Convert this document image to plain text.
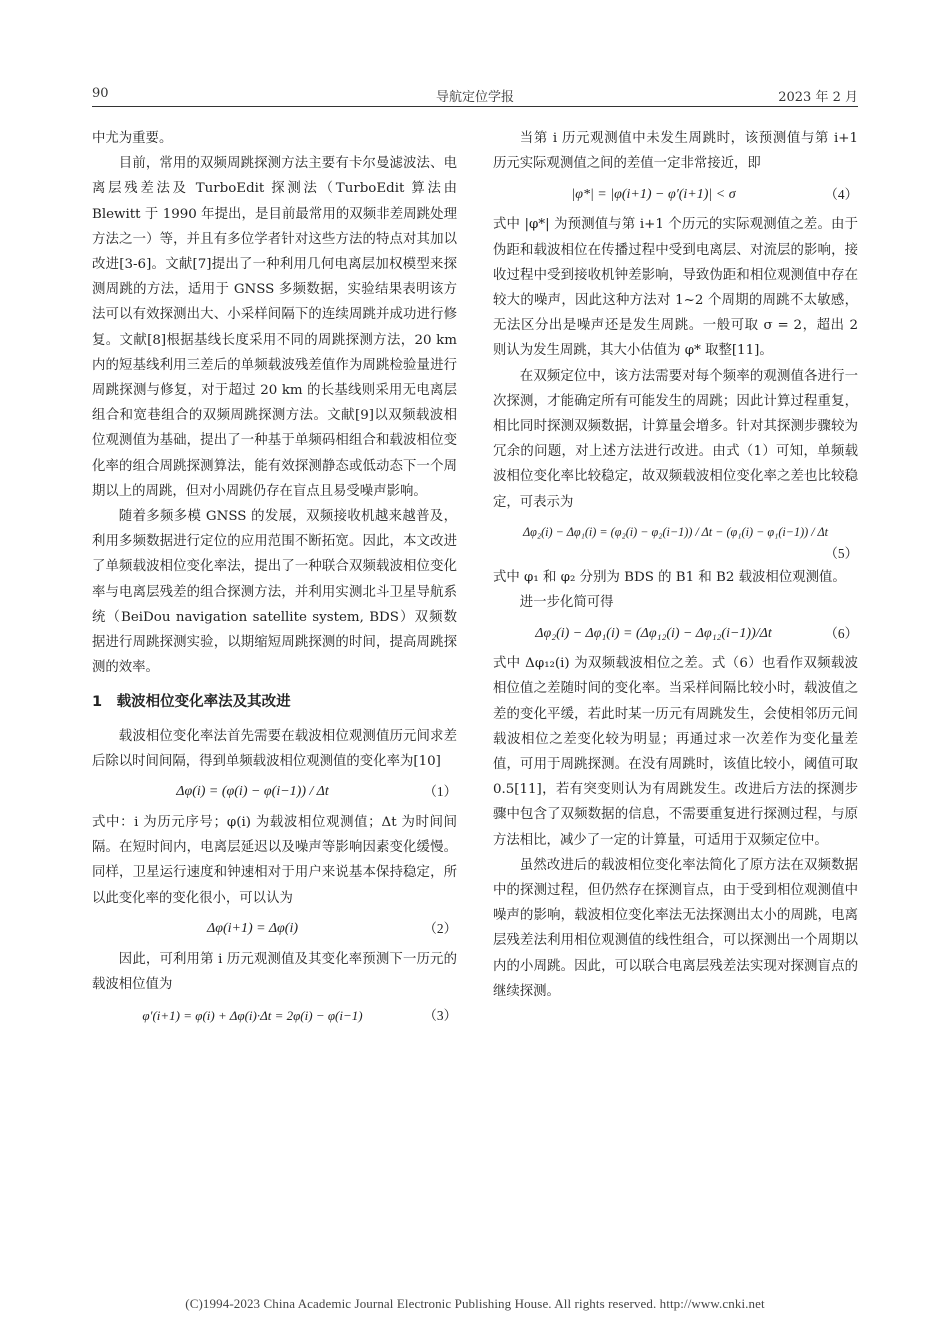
90	导航定位学报	2023 年 2 月

中尤为重要。

目前，常用的双频周跳探测方法主要有卡尔曼滤波法、电离层残差法及 TurboEdit 探测法（TurboEdit 算法由 Blewitt 于 1990 年提出，是目前最常用的双频非差周跳处理方法之一）等，并且有多位学者针对这些方法的特点对其加以改进[3-6]。文献[7]提出了一种利用几何电离层加权模型来探测周跳的方法，适用于 GNSS 多频数据，实验结果表明该方法可以有效探测出大、小采样间隔下的连续周跳并成功进行修复。文献[8]根据基线长度采用不同的周跳探测方法，20 km 内的短基线利用三差后的单频载波残差值作为周跳检验量进行周跳探测与修复，对于超过 20 km 的长基线则采用无电离层组合和宽巷组合的双频周跳探测方法。文献[9]以双频载波相位观测值为基础，提出了一种基于单频码相组合和载波相位变化率的组合周跳探测算法，能有效探测静态或低动态下一个周期以上的周跳，但对小周跳仍存在盲点且易受噪声影响。

随着多频多模 GNSS 的发展，双频接收机越来越普及，利用多频数据进行定位的应用范围不断拓宽。因此，本文改进了单频载波相位变化率法，提出了一种联合双频载波相位变化率与电离层残差的组合探测方法，并利用实测北斗卫星导航系统（BeiDou navigation satellite system, BDS）双频数据进行周跳探测实验，以期缩短周跳探测的时间，提高周跳探测的效率。

1　载波相位变化率法及其改进

载波相位变化率法首先需要在载波相位观测值历元间求差后除以时间间隔，得到单频载波相位观测值的变化率为[10]

Δφ(i) = (φ(i) − φ(i−1)) / Δt	（1）

式中：i 为历元序号；φ(i) 为载波相位观测值；Δt 为时间间隔。在短时间内，电离层延迟以及噪声等影响因素变化缓慢。同样，卫星运行速度和钟速相对于用户来说基本保持稳定，所以此变化率的变化很小，可以认为

Δφ(i+1) = Δφ(i)	（2）

因此，可利用第 i 历元观测值及其变化率预测下一历元的载波相位值为

φ′(i+1) = φ(i) + Δφ(i)·Δt = 2φ(i) − φ(i−1)	（3）

当第 i 历元观测值中未发生周跳时，该预测值与第 i+1 历元实际观测值之间的差值一定非常接近，即

|φ*| = |φ(i+1) − φ′(i+1)| < σ	（4）

式中 |φ*| 为预测值与第 i+1 个历元的实际观测值之差。由于伪距和载波相位在传播过程中受到电离层、对流层的影响，接收过程中受到接收机钟差影响，导致伪距和相位观测值中存在较大的噪声，因此这种方法对 1~2 个周期的周跳不太敏感，无法区分出是噪声还是发生周跳。一般可取 σ = 2，超出 2 则认为发生周跳，其大小估值为 φ* 取整[11]。

在双频定位中，该方法需要对每个频率的观测值各进行一次探测，才能确定所有可能发生的周跳；因此计算过程重复，相比同时探测双频数据，计算量会增多。针对其探测步骤较为冗余的问题，对上述方法进行改进。由式（1）可知，单频载波相位变化率比较稳定，故双频载波相位变化率之差也比较稳定，可表示为

Δφ₂(i) − Δφ₁(i) = (φ₂(i) − φ₂(i−1)) / Δt − (φ₁(i) − φ₁(i−1)) / Δt
（5）

式中 φ₁ 和 φ₂ 分别为 BDS 的 B1 和 B2 载波相位观测值。

进一步化简可得

Δφ₂(i) − Δφ₁(i) = (Δφ₁₂(i) − Δφ₁₂(i−1))/Δt	（6）

式中 Δφ₁₂(i) 为双频载波相位之差。式（6）也看作双频载波相位值之差随时间的变化率。当采样间隔比较小时，载波值之差的变化平缓，若此时某一历元有周跳发生，会使相邻历元间载波相位之差变化较为明显；再通过求一次差作为变化量差值，可用于周跳探测。在没有周跳时，该值比较小，阈值可取 0.5[11]，若有突变则认为有周跳发生。改进后方法的探测步骤中包含了双频数据的信息，不需要重复进行探测过程，与原方法相比，减少了一定的计算量，可适用于双频定位中。

虽然改进后的载波相位变化率法简化了原方法在双频数据中的探测过程，但仍然存在探测盲点，由于受到相位观测值中噪声的影响，载波相位变化率法无法探测出太小的周跳，电离层残差法利用相位观测值的线性组合，可以探测出一个周期以内的小周跳。因此，可以联合电离层残差法实现对探测盲点的继续探测。

(C)1994-2023 China Academic Journal Electronic Publishing House. All rights reserved. http://www.cnki.net
